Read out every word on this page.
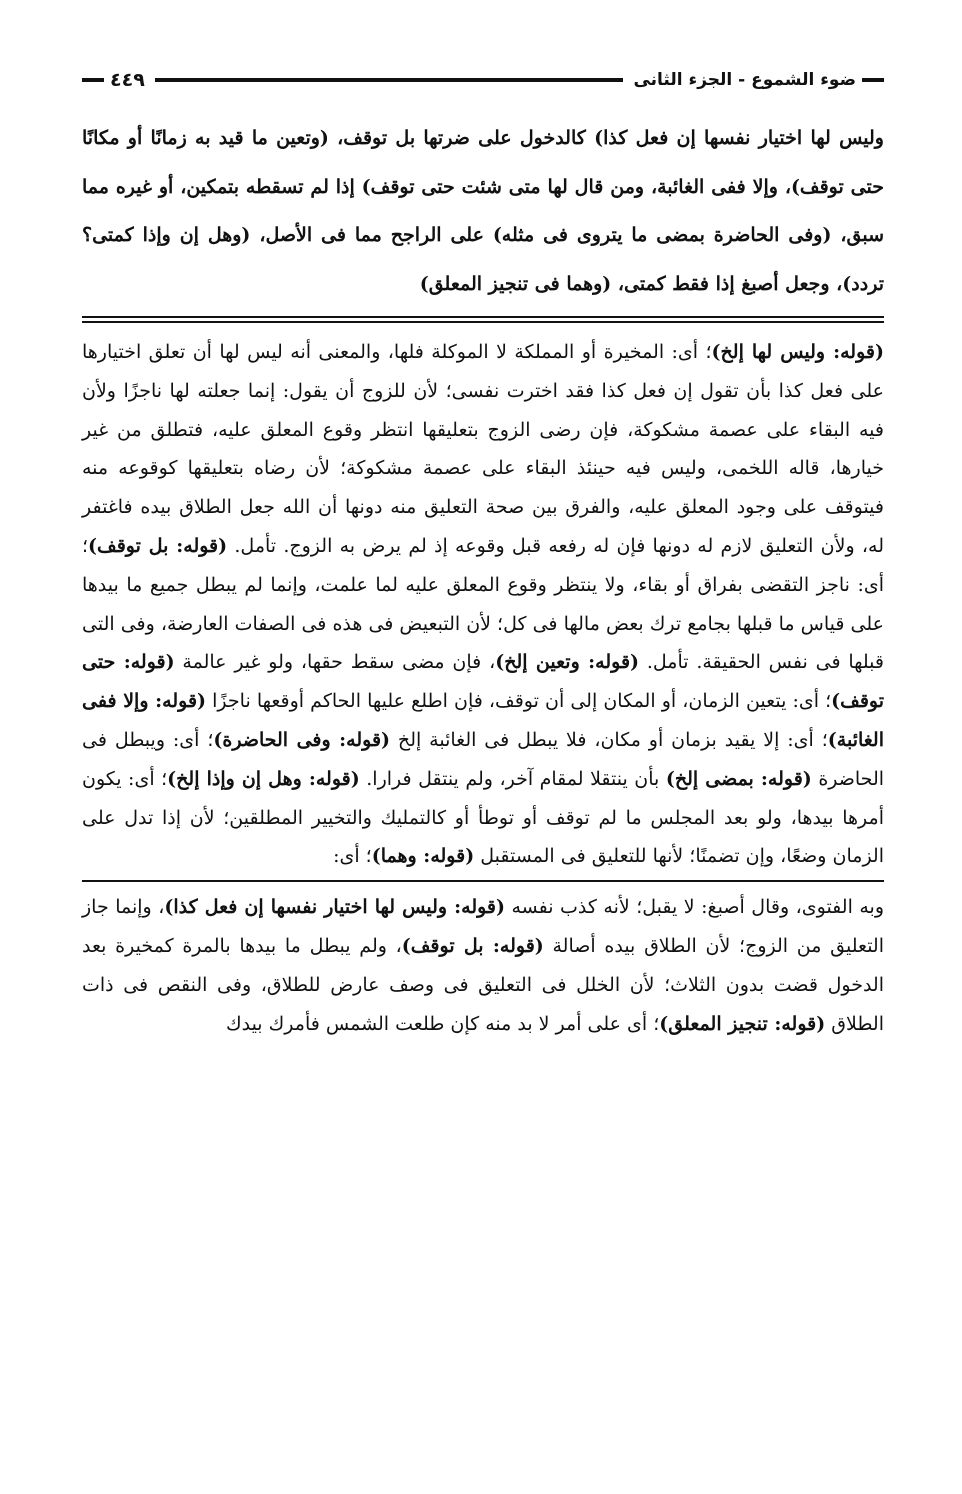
ضوء الشموع - الجزء الثانى
٤٤٩
وليس لها اختيار نفسها إن فعل كذا) كالدخول على ضرتها بل توقف، (وتعين ما قيد به زمانًا أو مكانًا حتى توقف)، وإلا ففى الغائبة، ومن قال لها متى شئت حتى توقف) إذا لم تسقطه بتمكين، أو غيره مما سبق، (وفى الحاضرة بمضى ما يتروى فى مثله) على الراجح مما فى الأصل، (وهل إن وإذا كمتى؟ تردد)، وجعل أصبغ إذا فقط كمتى، (وهما فى تنجيز المعلق)
(قوله: وليس لها إلخ)؛ أى: المخيرة أو المملكة لا الموكلة فلها، والمعنى أنه ليس لها أن تعلق اختيارها على فعل كذا بأن تقول إن فعل كذا فقد اخترت نفسى؛ لأن للزوج أن يقول: إنما جعلته لها ناجزًا ولأن فيه البقاء على عصمة مشكوكة، فإن رضى الزوج بتعليقها انتظر وقوع المعلق عليه، فتطلق من غير خيارها، قاله اللخمى، وليس فيه حينئذ البقاء على عصمة مشكوكة؛ لأن رضاه بتعليقها كوقوعه منه فيتوقف على وجود المعلق عليه، والفرق بين صحة التعليق منه دونها أن الله جعل الطلاق بيده فاغتفر له، ولأن التعليق لازم له دونها فإن له رفعه قبل وقوعه إذ لم يرض به الزوج. تأمل. (قوله: بل توقف)؛ أى: ناجز التقضى بفراق أو بقاء، ولا ينتظر وقوع المعلق عليه لما علمت، وإنما لم يبطل جميع ما بيدها على قياس ما قبلها بجامع ترك بعض مالها فى كل؛ لأن التبعيض فى هذه فى الصفات العارضة، وفى التى قبلها فى نفس الحقيقة. تأمل. (قوله: وتعين إلخ)، فإن مضى سقط حقها، ولو غير عالمة (قوله: حتى توقف)؛ أى: يتعين الزمان، أو المكان إلى أن توقف، فإن اطلع عليها الحاكم أوقعها ناجزًا (قوله: وإلا ففى الغائبة)؛ أى: إلا يقيد بزمان أو مكان، فلا يبطل فى الغائبة إلخ (قوله: وفى الحاضرة)؛ أى: ويبطل فى الحاضرة (قوله: بمضى إلخ) بأن ينتقلا لمقام آخر، ولم ينتقل فرارا. (قوله: وهل إن وإذا إلخ)؛ أى: يكون أمرها بيدها، ولو بعد المجلس ما لم توقف أو توطأ أو كالتمليك والتخيير المطلقين؛ لأن إذا تدل على الزمان وضعًا، وإن تضمنًا؛ لأنها للتعليق فى المستقبل (قوله: وهما)؛ أى:
وبه الفتوى، وقال أصبغ: لا يقبل؛ لأنه كذب نفسه (قوله: وليس لها اختيار نفسها إن فعل كذا)، وإنما جاز التعليق من الزوج؛ لأن الطلاق بيده أصالة (قوله: بل توقف)، ولم يبطل ما بيدها بالمرة كمخيرة بعد الدخول قضت بدون الثلاث؛ لأن الخلل فى التعليق فى وصف عارض للطلاق، وفى النقص فى ذات الطلاق (قوله: تنجيز المعلق)؛ أى على أمر لا بد منه كإن طلعت الشمس فأمرك بيدك
